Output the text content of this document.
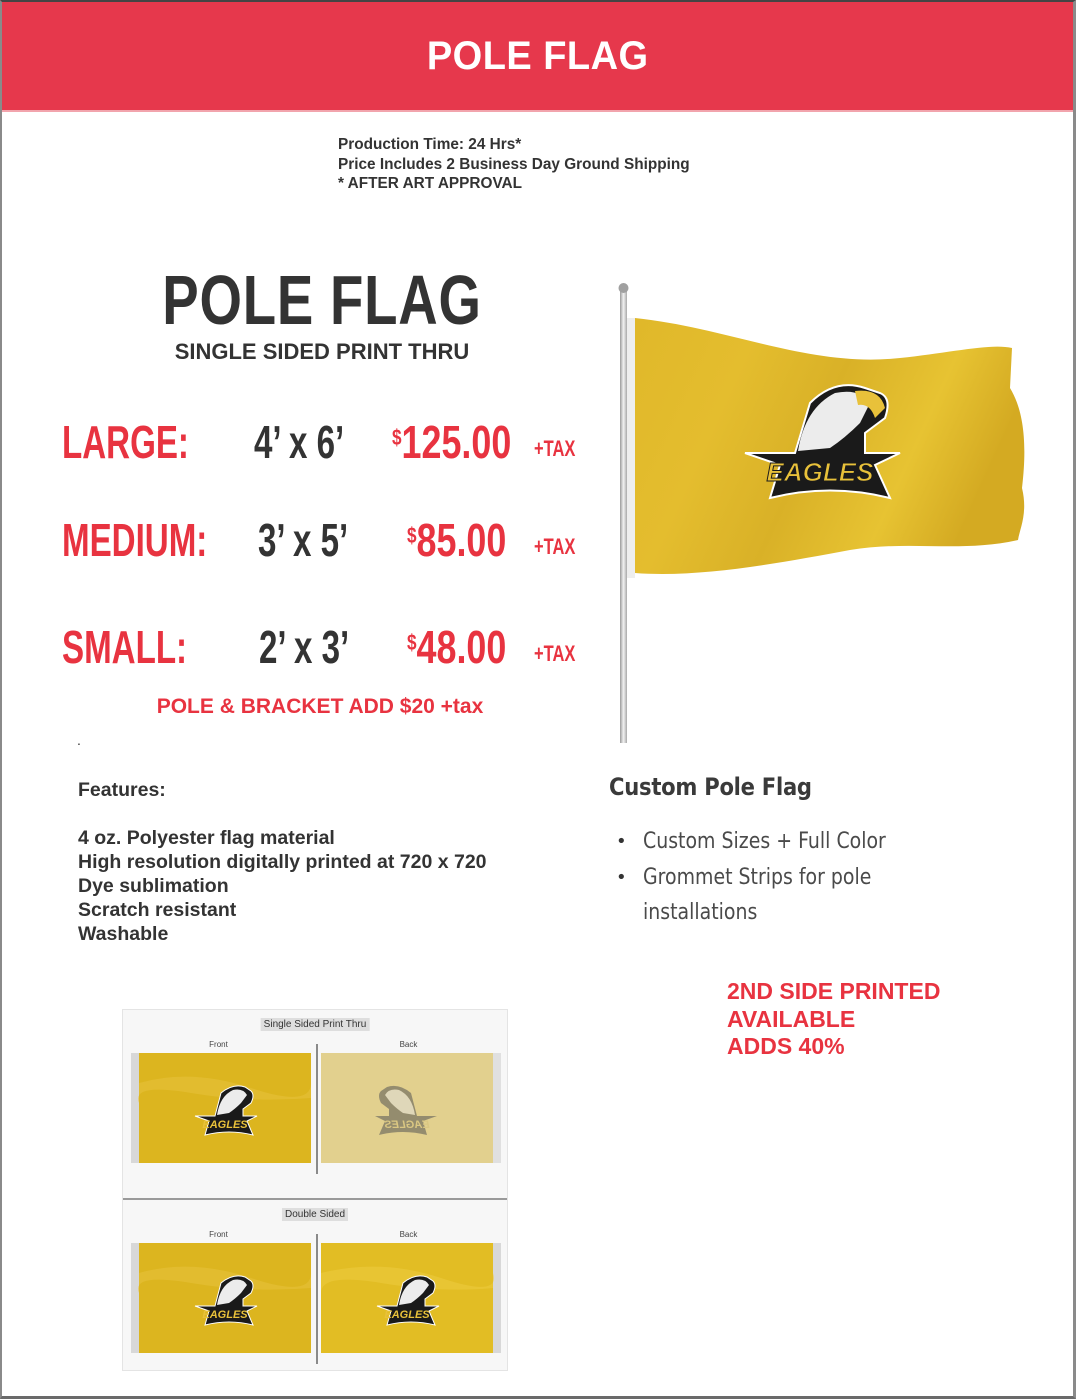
POLE FLAG
Production Time: 24 Hrs*
Price Includes 2 Business Day Ground Shipping
* AFTER ART APPROVAL
POLE FLAG
SINGLE SIDED PRINT THRU
LARGE: 4’ x 6’ $125.00 +TAX
MEDIUM: 3’ x 5’	$85.00 +TAX
SMALL: 2’ x 3’	$48.00 +TAX
POLE & BRACKET ADD $20 +tax
.
Features:
4 oz. Polyester flag material
High resolution digitally printed at 720 x 720
Dye sublimation
Scratch resistant
Washable
EAGLES
Custom Pole Flag
• Custom Sizes + Full Color
• Grommet Strips for pole installations
2ND SIDE PRINTED
AVAILABLE
ADDS 40%
Single Sided Print Thru
Front	Back
EAGLES	EAGLES
Double Sided
Front	Back
EAGLES	EAGLES
